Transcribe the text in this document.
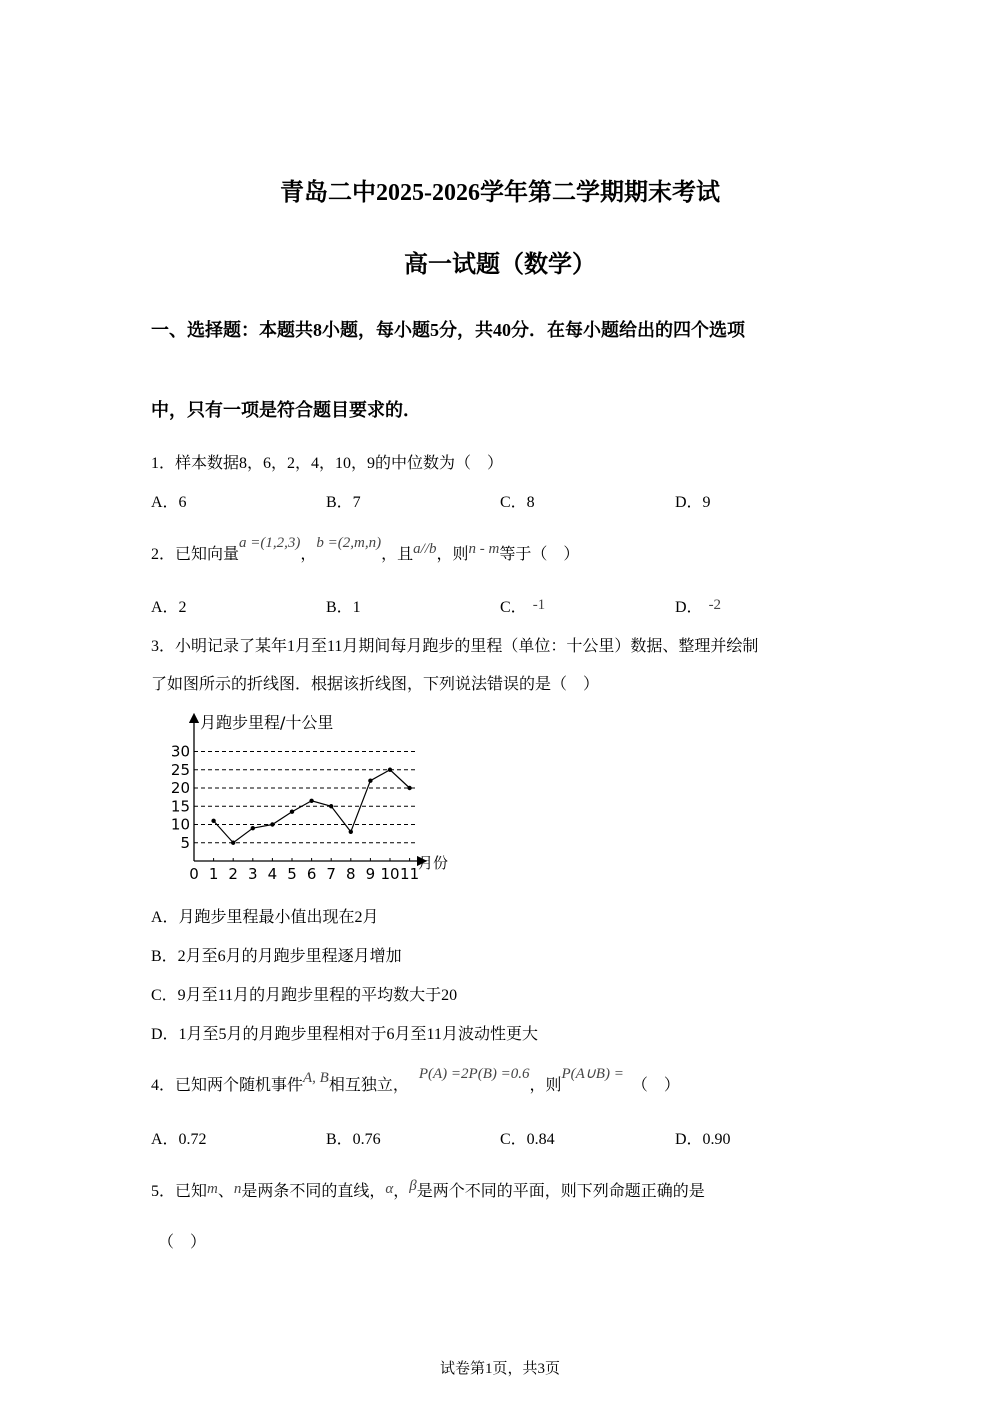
青岛二中2025-2026学年第二学期期末考试
高一试题（数学）
一、选择题：本题共8小题，每小题5分，共40分．在每小题给出的四个选项
中，只有一项是符合题目要求的．
1．样本数据8，6，2，4，10，9的中位数为（　）
A．6	B．7	C．8	D．9
2．已知向量a =(1,2,3)，b =(2,m,n)，且a//b，则n - m等于（　）
A．2	B．1	C． -1	D． -2
3．小明记录了某年1月至11月期间每月跑步的里程（单位：十公里）数据、整理并绘制
了如图所示的折线图．根据该折线图，下列说法错误的是（　）
月跑步里程/十公里
月份
5
10
15
20
25
30
0 1 2 3 4 5 6 7 8 9 10 11
A．月跑步里程最小值出现在2月
B．2月至6月的月跑步里程逐月增加
C．9月至11月的月跑步里程的平均数大于20
D．1月至5月的月跑步里程相对于6月至11月波动性更大
4．已知两个随机事件A, B相互独立，P(A) =2P(B) =0.6，则P(A∪B) =（　）
A．0.72	B．0.76	C．0.84	D．0.90
5．已知m、n是两条不同的直线，α，β是两个不同的平面，则下列命题正确的是
（　）
试卷第1页，共3页
